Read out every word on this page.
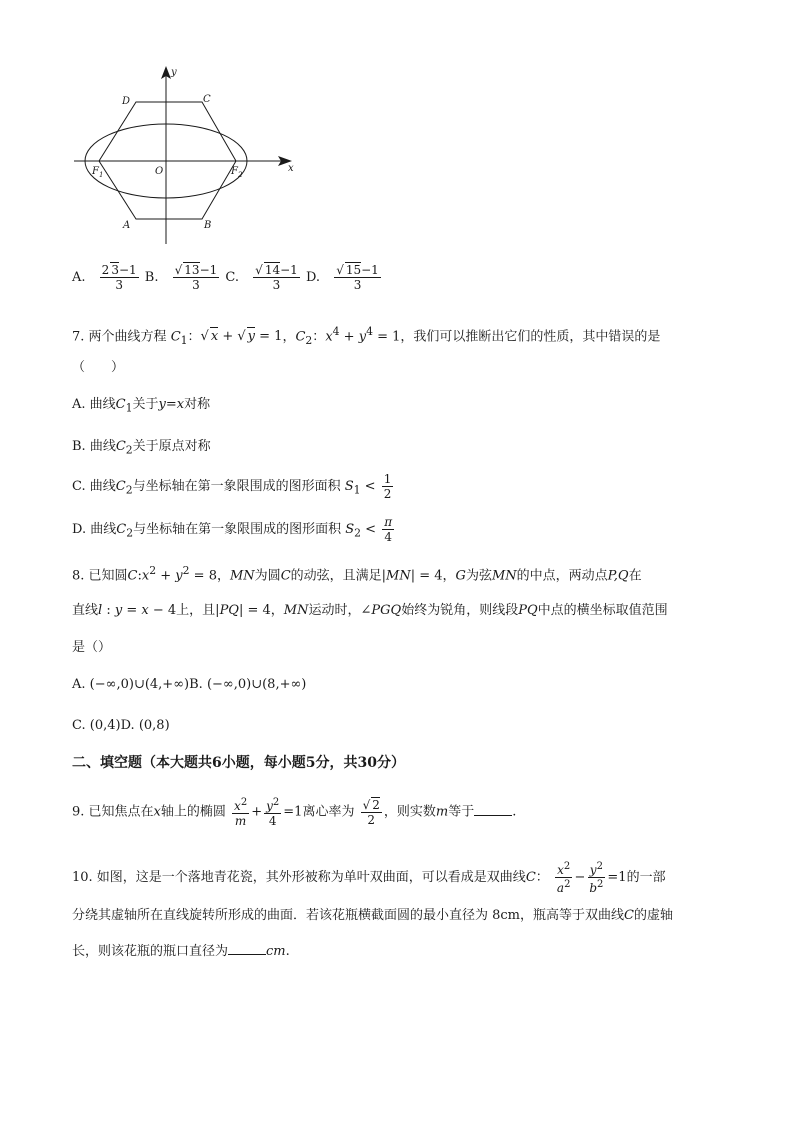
y
x
D	C
O
$F_1$	$F_2$
A	B
A. $\frac{2 3-1}{3} B$. $\frac{√ 13-1}{3} C$. $\frac{√ 14-1}{3} D$. $\frac{√ 15-1}{3}$
7. 两个曲线方程 $C_1$：√ x + √ y = 1，$C_2$：$x^4 + y^4 = 1$，我们可以推断出它们的性质，其中错误的是
（　　）
A. 曲线$C_1$关于y=x对称
B. 曲线$C_2$关于原点对称
C. 曲线$C_2$与坐标轴在第一象限围成的图形面积 $S_1 < \frac{1}{2}$
D. 曲线$C_2$与坐标轴在第一象限围成的图形面积 $S_2 < \frac{\pi}{4}$
8. 已知圆$C:x^2 + y^2 = 8$，MN为圆C的动弦，且满足|MN| = 4，G为弦MN的中点，两动点P,Q在
直线l : y = x − 4上，且|PQ| = 4，MN运动时，∠PGQ始终为锐角，则线段PQ中点的横坐标取值范围
是（）
A. (−∞,0)∪(4,+∞)B. (−∞,0)∪(8,+∞)
C. (0,4)D. (0,8)
二、填空题（本大题共6小题，每小题5分，共30分）
9. 已知焦点在x轴上的椭圆 $\frac{x^2}{m} + \frac{y^2}{4} =1$离心率为 $\frac{√ 2}{2}$ ，则实数m等于	.
10. 如图，这是一个落地青花瓷，其外形被称为单叶双曲面，可以看成是双曲线C： $\frac{x^2}{a^2} - \frac{y^2}{b^2} =1$的一部
分绕其虚轴所在直线旋转所形成的曲面．若该花瓶横截面圆的最小直径为 8cm，瓶高等于双曲线C的虚轴
长，则该花瓶的瓶口直径为	cm.
